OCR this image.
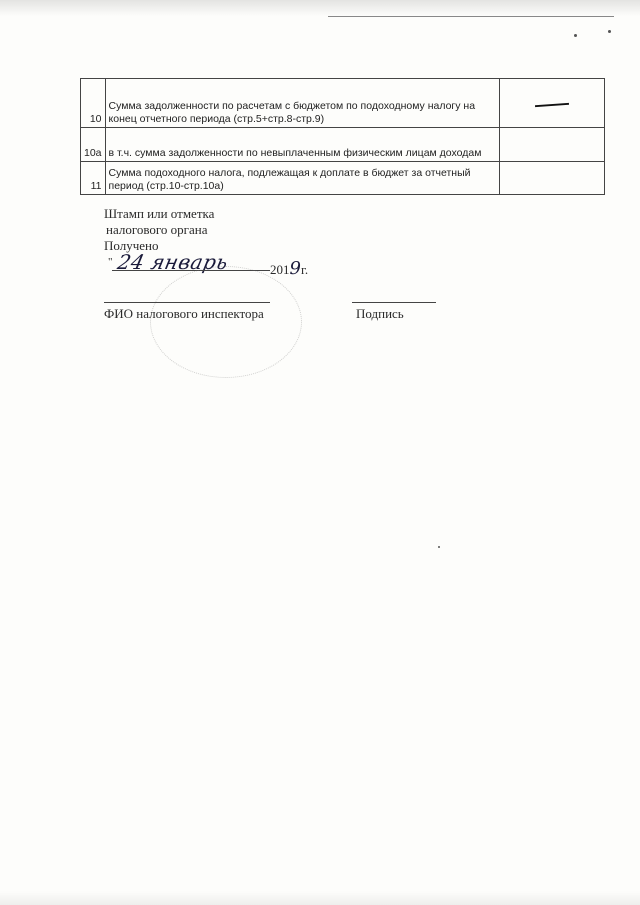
10	Сумма задолженности по расчетам с бюджетом по подоходному налогу на конец отчетного периода (стр.5+стр.8-стр.9)	
10а	в т.ч. сумма задолженности по невыплаченным физическим лицам доходам	
11	Сумма подоходного налога, подлежащая к доплате в бюджет за отчетный период (стр.10-стр.10а)	
Штамп или отметка
налогового органа
Получено
" 24 январь	2019г.
ФИО налогового инспектора	Подпись
